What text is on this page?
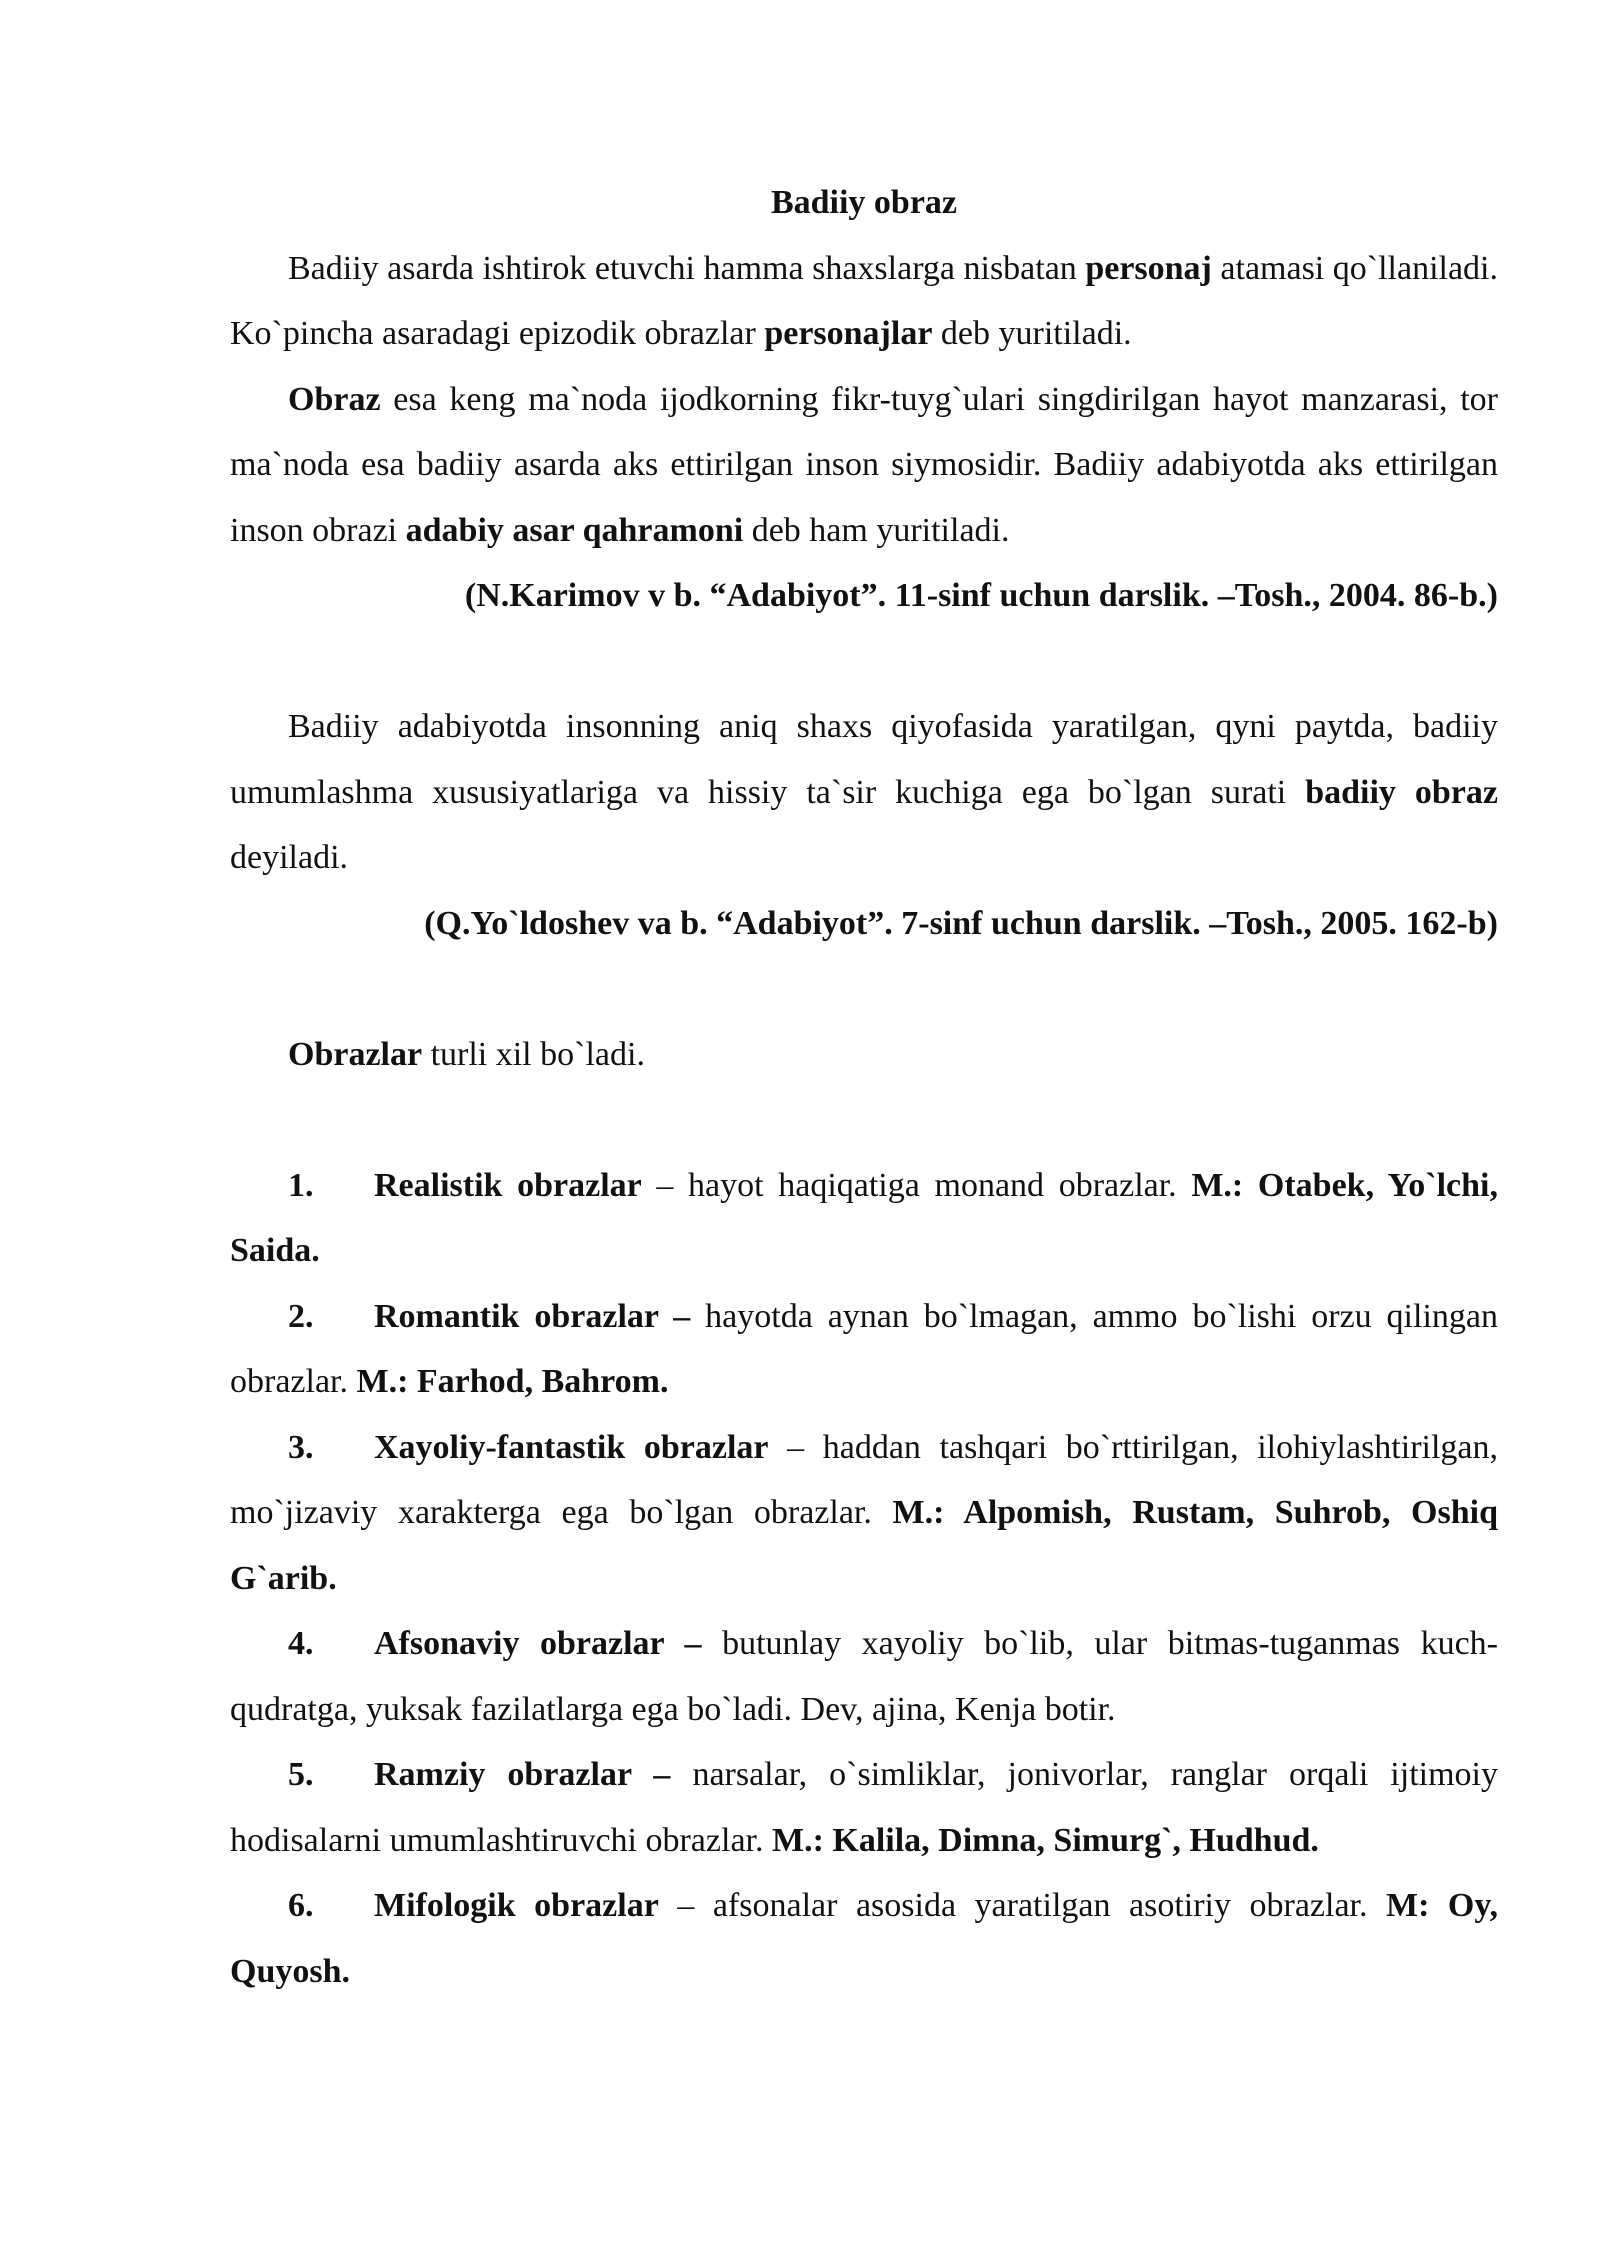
Badiiy obraz

Badiiy asarda ishtirok etuvchi hamma shaxslarga nisbatan personaj atamasi qo`llaniladi. Ko`pincha asaradagi epizodik obrazlar personajlar deb yuritiladi.

Obraz esa keng ma`noda ijodkorning fikr-tuyg`ulari singdirilgan hayot manzarasi, tor ma`noda esa badiiy asarda aks ettirilgan inson siymosidir. Badiiy adabiyotda aks ettirilgan inson obrazi adabiy asar qahramoni deb ham yuritiladi.

(N.Karimov v b. “Adabiyot”. 11-sinf uchun darslik. –Tosh., 2004. 86-b.)

Badiiy adabiyotda insonning aniq shaxs qiyofasida yaratilgan, qyni paytda, badiiy umumlashma xususiyatlariga va hissiy ta`sir kuchiga ega bo`lgan surati badiiy obraz deyiladi.

(Q.Yo`ldoshev va b. “Adabiyot”. 7-sinf uchun darslik. –Tosh., 2005. 162-b)

Obrazlar turli xil bo`ladi.

1. Realistik obrazlar – hayot haqiqatiga monand obrazlar. M.: Otabek, Yo`lchi, Saida.

2. Romantik obrazlar – hayotda aynan bo`lmagan, ammo bo`lishi orzu qilingan obrazlar. M.: Farhod, Bahrom.

3. Xayoliy-fantastik obrazlar – haddan tashqari bo`rttirilgan, ilohiylashtirilgan, mo`jizaviy xarakterga ega bo`lgan obrazlar. M.: Alpomish, Rustam, Suhrob, Oshiq G`arib.

4. Afsonaviy obrazlar – butunlay xayoliy bo`lib, ular bitmas-tuganmas kuch-qudratga, yuksak fazilatlarga ega bo`ladi. Dev, ajina, Kenja botir.

5. Ramziy obrazlar – narsalar, o`simliklar, jonivorlar, ranglar orqali ijtimoiy hodisalarni umumlashtiruvchi obrazlar. M.: Kalila, Dimna, Simurg`, Hudhud.

6. Mifologik obrazlar – afsonalar asosida yaratilgan asotiriy obrazlar. M: Oy, Quyosh.
